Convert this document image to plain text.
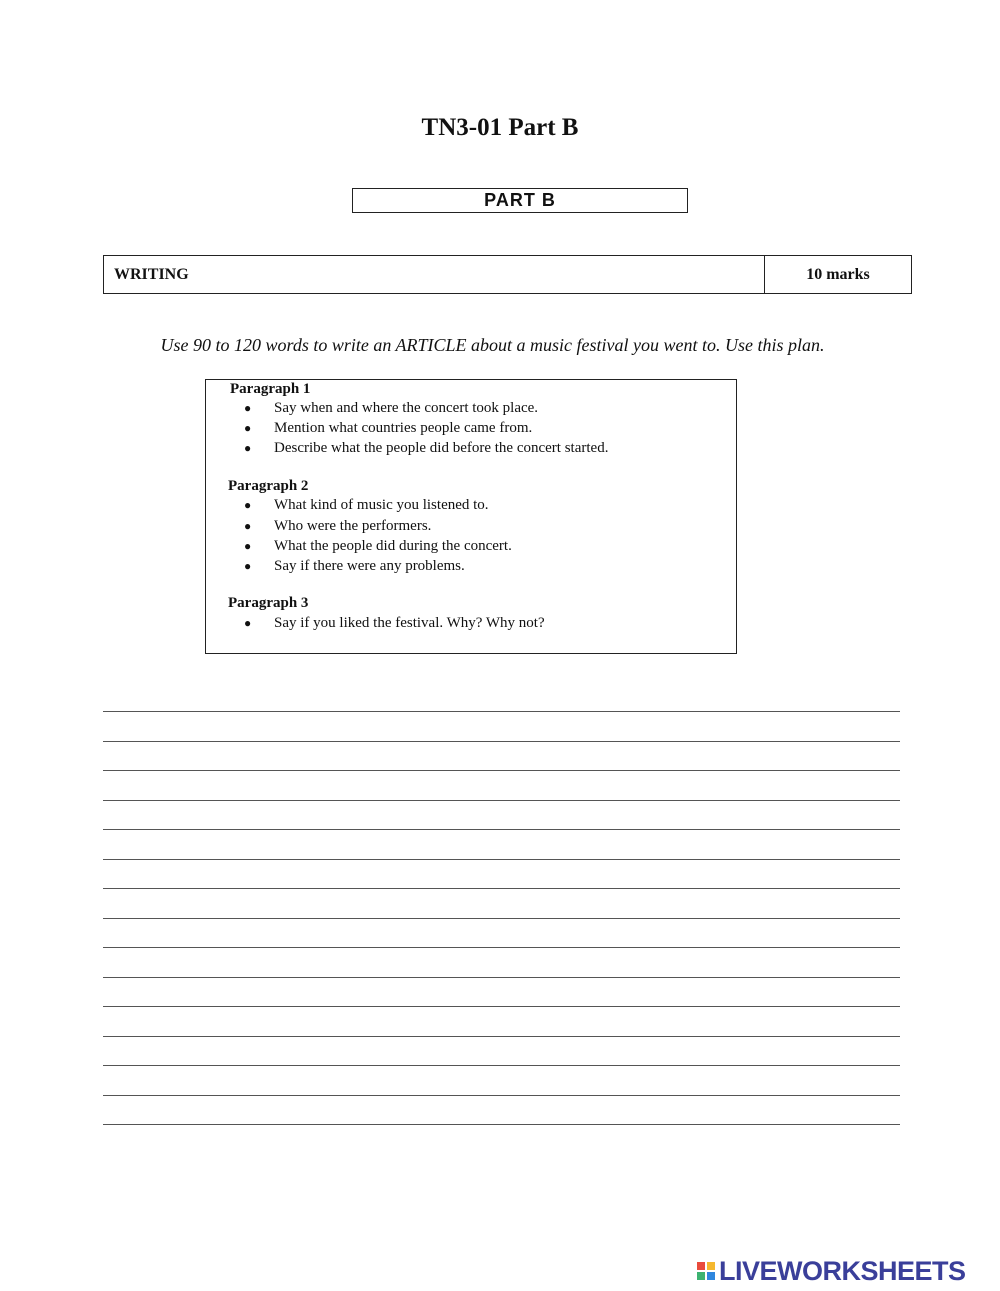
TN3-01 Part B
PART B
WRITING	10 marks
Use 90 to 120 words to write an ARTICLE about a music festival you went to. Use this plan.

Paragraph 1

● Say when and where the concert took place.
● Mention what countries people came from.
● Describe what the people did before the concert started.

Paragraph 2

● What kind of music you listened to.
● Who were the performers.
● What the people did during the concert.
● Say if there were any problems.

Paragraph 3

● Say if you liked the festival. Why? Why not?
LIVEWORKSHEETS
